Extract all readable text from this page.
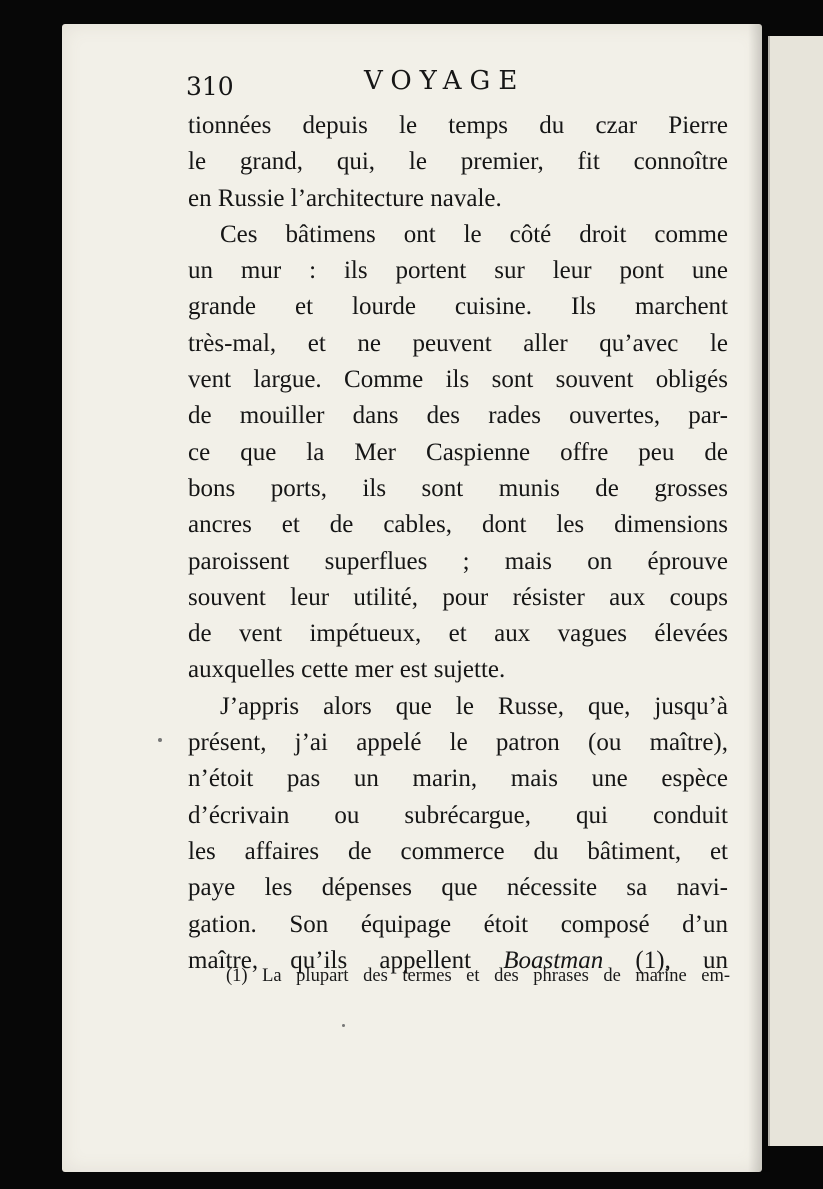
310	VOYAGE
tionnées depuis le temps du czar Pierre
le grand, qui, le premier, fit connoître
en Russie l’architecture navale.
Ces bâtimens ont le côté droit comme
un mur : ils portent sur leur pont une
grande et lourde cuisine. Ils marchent
très-mal, et ne peuvent aller qu’avec le
vent largue. Comme ils sont souvent obligés
de mouiller dans des rades ouvertes, par-
ce que la Mer Caspienne offre peu de
bons ports, ils sont munis de grosses
ancres et de cables, dont les dimensions
paroissent superflues ; mais on éprouve
souvent leur utilité, pour résister aux coups
de vent impétueux, et aux vagues élevées
auxquelles cette mer est sujette.
J’appris alors que le Russe, que, jusqu’à
présent, j’ai appelé le patron (ou maître),
n’étoit pas un marin, mais une espèce
d’écrivain ou subrécargue, qui conduit
les affaires de commerce du bâtiment, et
paye les dépenses que nécessite sa navi-
gation. Son équipage étoit composé d’un
maître, qu’ils appellent Boastman (1), un
(1) La plupart des termes et des phrases de marine em-
